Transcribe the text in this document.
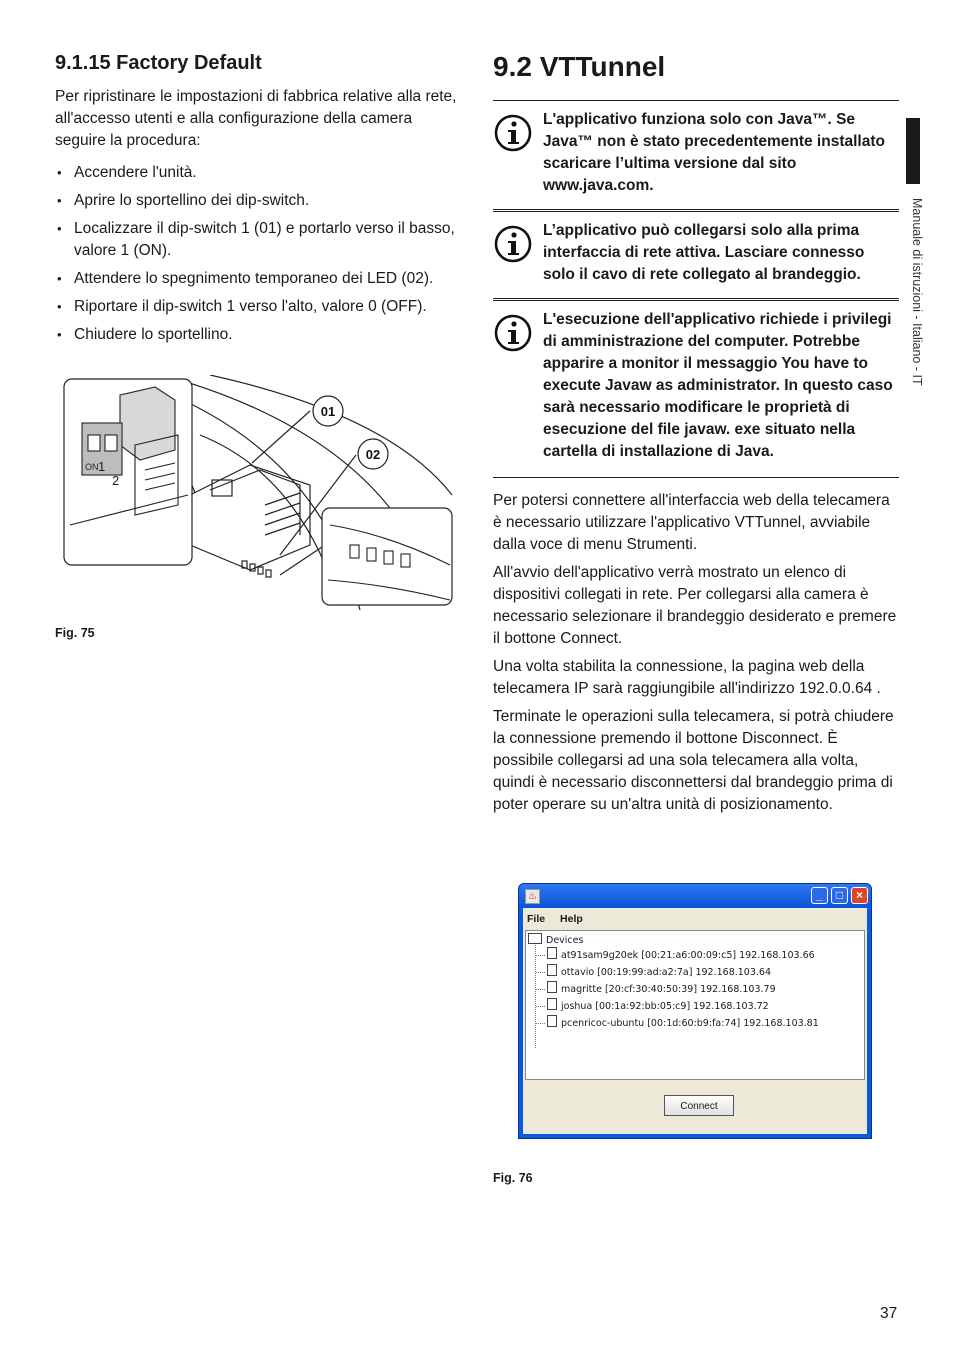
Manuale di istruzioni - Italiano - IT
9.1.15 Factory Default

Per ripristinare le impostazioni di fabbrica relative alla rete, all'accesso utenti e alla configurazione della camera seguire la procedura:

• Accendere l'unità.
• Aprire lo sportellino dei dip-switch.
• Localizzare il dip-switch 1 (01) e portarlo verso il basso, valore 1 (ON).
• Attendere lo spegnimento temporaneo dei LED (02).
• Riportare il dip-switch 1 verso l'alto, valore 0 (OFF).
• Chiudere lo sportellino.
ON 1
2
01
02
Fig. 75
9.2 VTTunnel
L'applicativo funziona solo con Java™. Se Java™ non è stato precedentemente installato scaricare l’ultima versione dal sito www.java.com.
L’applicativo può collegarsi solo alla prima interfaccia di rete attiva. Lasciare connesso solo il cavo di rete collegato al brandeggio.
L'esecuzione dell'applicativo richiede i privilegi di amministrazione del computer. Potrebbe apparire a monitor il messaggio You have to execute Javaw as administrator. In questo caso sarà necessario modificare le proprietà di esecuzione del file javaw. exe situato nella cartella di installazione di Java.

Per potersi connettere all'interfaccia web della telecamera è necessario utilizzare l'applicativo VTTunnel, avviabile dalla voce di menu Strumenti.

All'avvio dell'applicativo verrà mostrato un elenco di dispositivi collegati in rete. Per collegarsi alla camera è necessario selezionare il brandeggio desiderato e premere il bottone Connect.

Una volta stabilita la connessione, la pagina web della telecamera IP sarà raggiungibile all'indirizzo 192.0.0.64 .

Terminate le operazioni sulla telecamera, si potrà chiudere la connessione premendo il bottone Disconnect. È possibile collegarsi ad una sola telecamera alla volta, quindi è necessario disconnettersi dal brandeggio prima di poter operare su un'altra unità di posizionamento.

♨	_	□	×
File Help
Devices
at91sam9g20ek [00:21:a6:00:09:c5] 192.168.103.66
ottavio [00:19:99:ad:a2:7a] 192.168.103.64
magritte [20:cf:30:40:50:39] 192.168.103.79
joshua [00:1a:92:bb:05:c9] 192.168.103.72
pcenricoc-ubuntu [00:1d:60:b9:fa:74] 192.168.103.81
Connect
Fig. 76
37
